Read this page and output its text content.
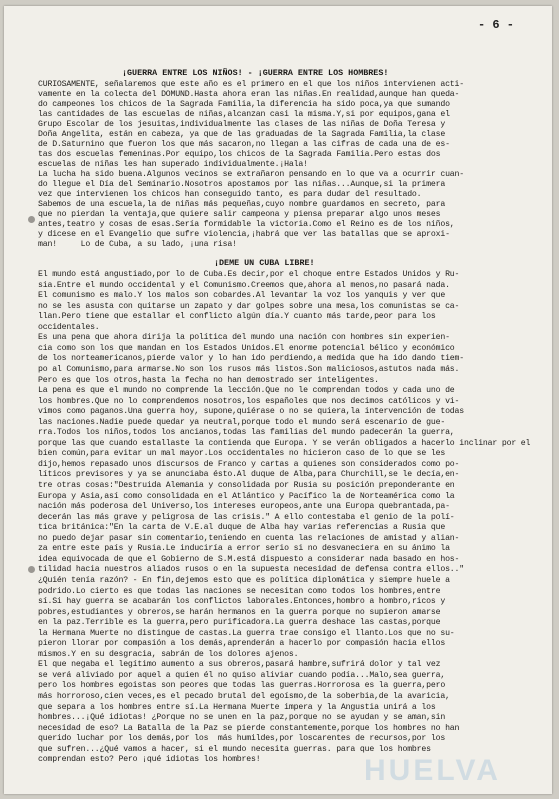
- 6 -
¡GUERRA ENTRE LOS NIÑOS! - ¡GUERRA ENTRE LOS HOMBRES!
CURIOSAMENTE, señalaremos que este año es el primero en el que los niños intervienen acti-
vamente en la colecta del DOMUND.Hasta ahora eran las niñas.En realidad,aunque han queda-
do campeones los chicos de la Sagrada Familia,la diferencia ha sido poca,ya que sumando
las cantidades de las escuelas de niñas,alcanzan casi la misma.Y,si por equipos,gana el
Grupo Escolar de los jesuitas,individualmente las clases de las niñas de Doña Teresa y
Doña Angelita, están en cabeza, ya que de las graduadas de la Sagrada Familia,la clase
de D.Saturnino que fueron los que más sacaron,no llegan a las cifras de cada una de es-
tas dos escuelas femeninas.Por equipo,los chicos de la Sagrada Familia.Pero estas dos
escuelas de niñas les han superado individualmente.¡Hala!
La lucha ha sido buena.Algunos vecinos se extrañaron pensando en lo que va a ocurrir cuan-
do llegue el Día del Seminario.Nosotros apostamos por las niñas...Aunque,si la primera
vez que intervienen los chicos han conseguido tanto, es para dudar del resultado.
Sabemos de una escuela,la de niñas más pequeñas,cuyo nombre guardamos en secreto, para
que no pierdan la ventaja,que quiere salir campeona y piensa preparar algo unos meses
antes,teatro y cosas de esas.Sería formidable la victoria.Como el Reino es de los niños,
y dicese en el Evangelio que sufre violencia,¡habrá que ver las batallas que se aproxi-
man!     Lo de Cuba, a su lado, ¡una risa!
¡DEME UN CUBA LIBRE!
El mundo está angustiado,por lo de Cuba.Es decir,por el choque entre Estados Unidos y Ru-
sia.Entre el mundo occidental y el Comunismo.Creemos que,ahora al menos,no pasará nada.
El comunismo es malo.Y los malos son cobardes.Al levantar la voz los yanquis y ver que
no se les asusta con quitarse un zapato y dar golpes sobre una mesa,los comunistas se ca-
llan.Pero tiene que estallar el conflicto algún día.Y cuanto más tarde,peor para los
occidentales.
Es una pena que ahora dirija la política del mundo una nación con hombres sin experien-
cia como son los que mandan en los Estados Unidos.El enorme potencial bélico y económico
de los norteamericanos,pierde valor y lo han ido perdiendo,a medida que ha ido dando tiem-
po al Comunismo,para armarse.No son los rusos más listos.Son maliciosos,astutos nada más.
Pero es que los otros,hasta la fecha no han demostrado ser inteligentes.
La pena es que el mundo no comprende la lección.Que no le comprendan todos y cada uno de
los hombres.Que no lo comprendemos nosotros,los españoles que nos decimos católicos y vi-
vimos como paganos.Una guerra hoy, supone,quiérase o no se quiera,la intervención de todas
las naciones.Nadie puede quedar ya neutral,porque todo el mundo será escenario de gue-
rra.Todos los niños,todos los ancianos,todas las familias del mundo padecerán la guerra,
porque las que cuando estallaste la contienda que Europa. Y se verán obligados a hacerlo inclinar por el
bien común,para evitar un mal mayor.Los occidentales no hicieron caso de lo que se les
dijo,hemos repasado unos discursos de Franco y cartas a quienes son considerados como po-
líticos previsores y ya se anunciaba ésto.Al duque de Alba,para Churchill,se le decía,en-
tre otras cosas:"Destruida Alemania y consolidada por Rusia su posición preponderante en
Europa y Asia,así como consolidada en el Atlántico y Pacífico la de Norteamérica como la
nación más poderosa del Universo,los intereses europeos,ante una Europa quebrantada,pa-
decerán las más grave y peligrosa de las crisis." A ello contestaba el genio de la polí-
tica británica:"En la carta de V.E.al duque de Alba hay varias referencias a Rusia que
no puedo dejar pasar sin comentario,teniendo en cuenta las relaciones de amistad y alian-
za entre este país y Rusia.Le induciría a error serio si no desvaneciera en su ánimo la
idea equivocada de que el Gobierno de S.M.está dispuesto a considerar nada basado en hos-
tilidad hacia nuestros aliados rusos o en la supuesta necesidad de defensa contra ellos.."
¿Quién tenía razón? - En fin,dejemos esto que es política diplomática y siempre huele a
podrido.Lo cierto es que todas las naciones se necesitan como todos los hombres,entre
sí.Si hay guerra se acabarán los conflictos laborales.Entonces,hombro a hombro,ricos y
pobres,estudiantes y obreros,se harán hermanos en la guerra porque no supieron amarse
en la paz.Terrible es la guerra,pero purificadora.La guerra deshace las castas,porque
la Hermana Muerte no distingue de castas.La guerra trae consigo el llanto.Los que no su-
pieron llorar por compasión a los demás,aprenderán a hacerlo por compasión hacia ellos
mismos.Y en su desgracia, sabrán de los dolores ajenos.
El que negaba el legítimo aumento a sus obreros,pasará hambre,sufrirá dolor y tal vez
se verá aliviado por aquel a quien él no quiso aliviar cuando podía...Malo,sea guerra,
pero los hombres egoistas son peores que todas las guerras.Horrorosa es la guerra,pero
más horroroso,cien veces,es el pecado brutal del egoísmo,de la soberbia,de la avaricia,
que separa a los hombres entre sí.La Hermana Muerte impera y la Angustia unirá a los
hombres...¡Qué idiotas! ¿Porque no se unen en la paz,porque no se ayudan y se aman,sin
necesidad de eso? La Batalla de la Paz se pierde constantemente,porque los hombres no han
querido luchar por los demás,por los  más humildes,por loscarentes de recursos,por los
que sufren...¿Qué vamos a hacer, si el mundo necesita guerras. para que los hombres
comprendan esto? Pero ¡qué idiotas los hombres!	HUELVA
